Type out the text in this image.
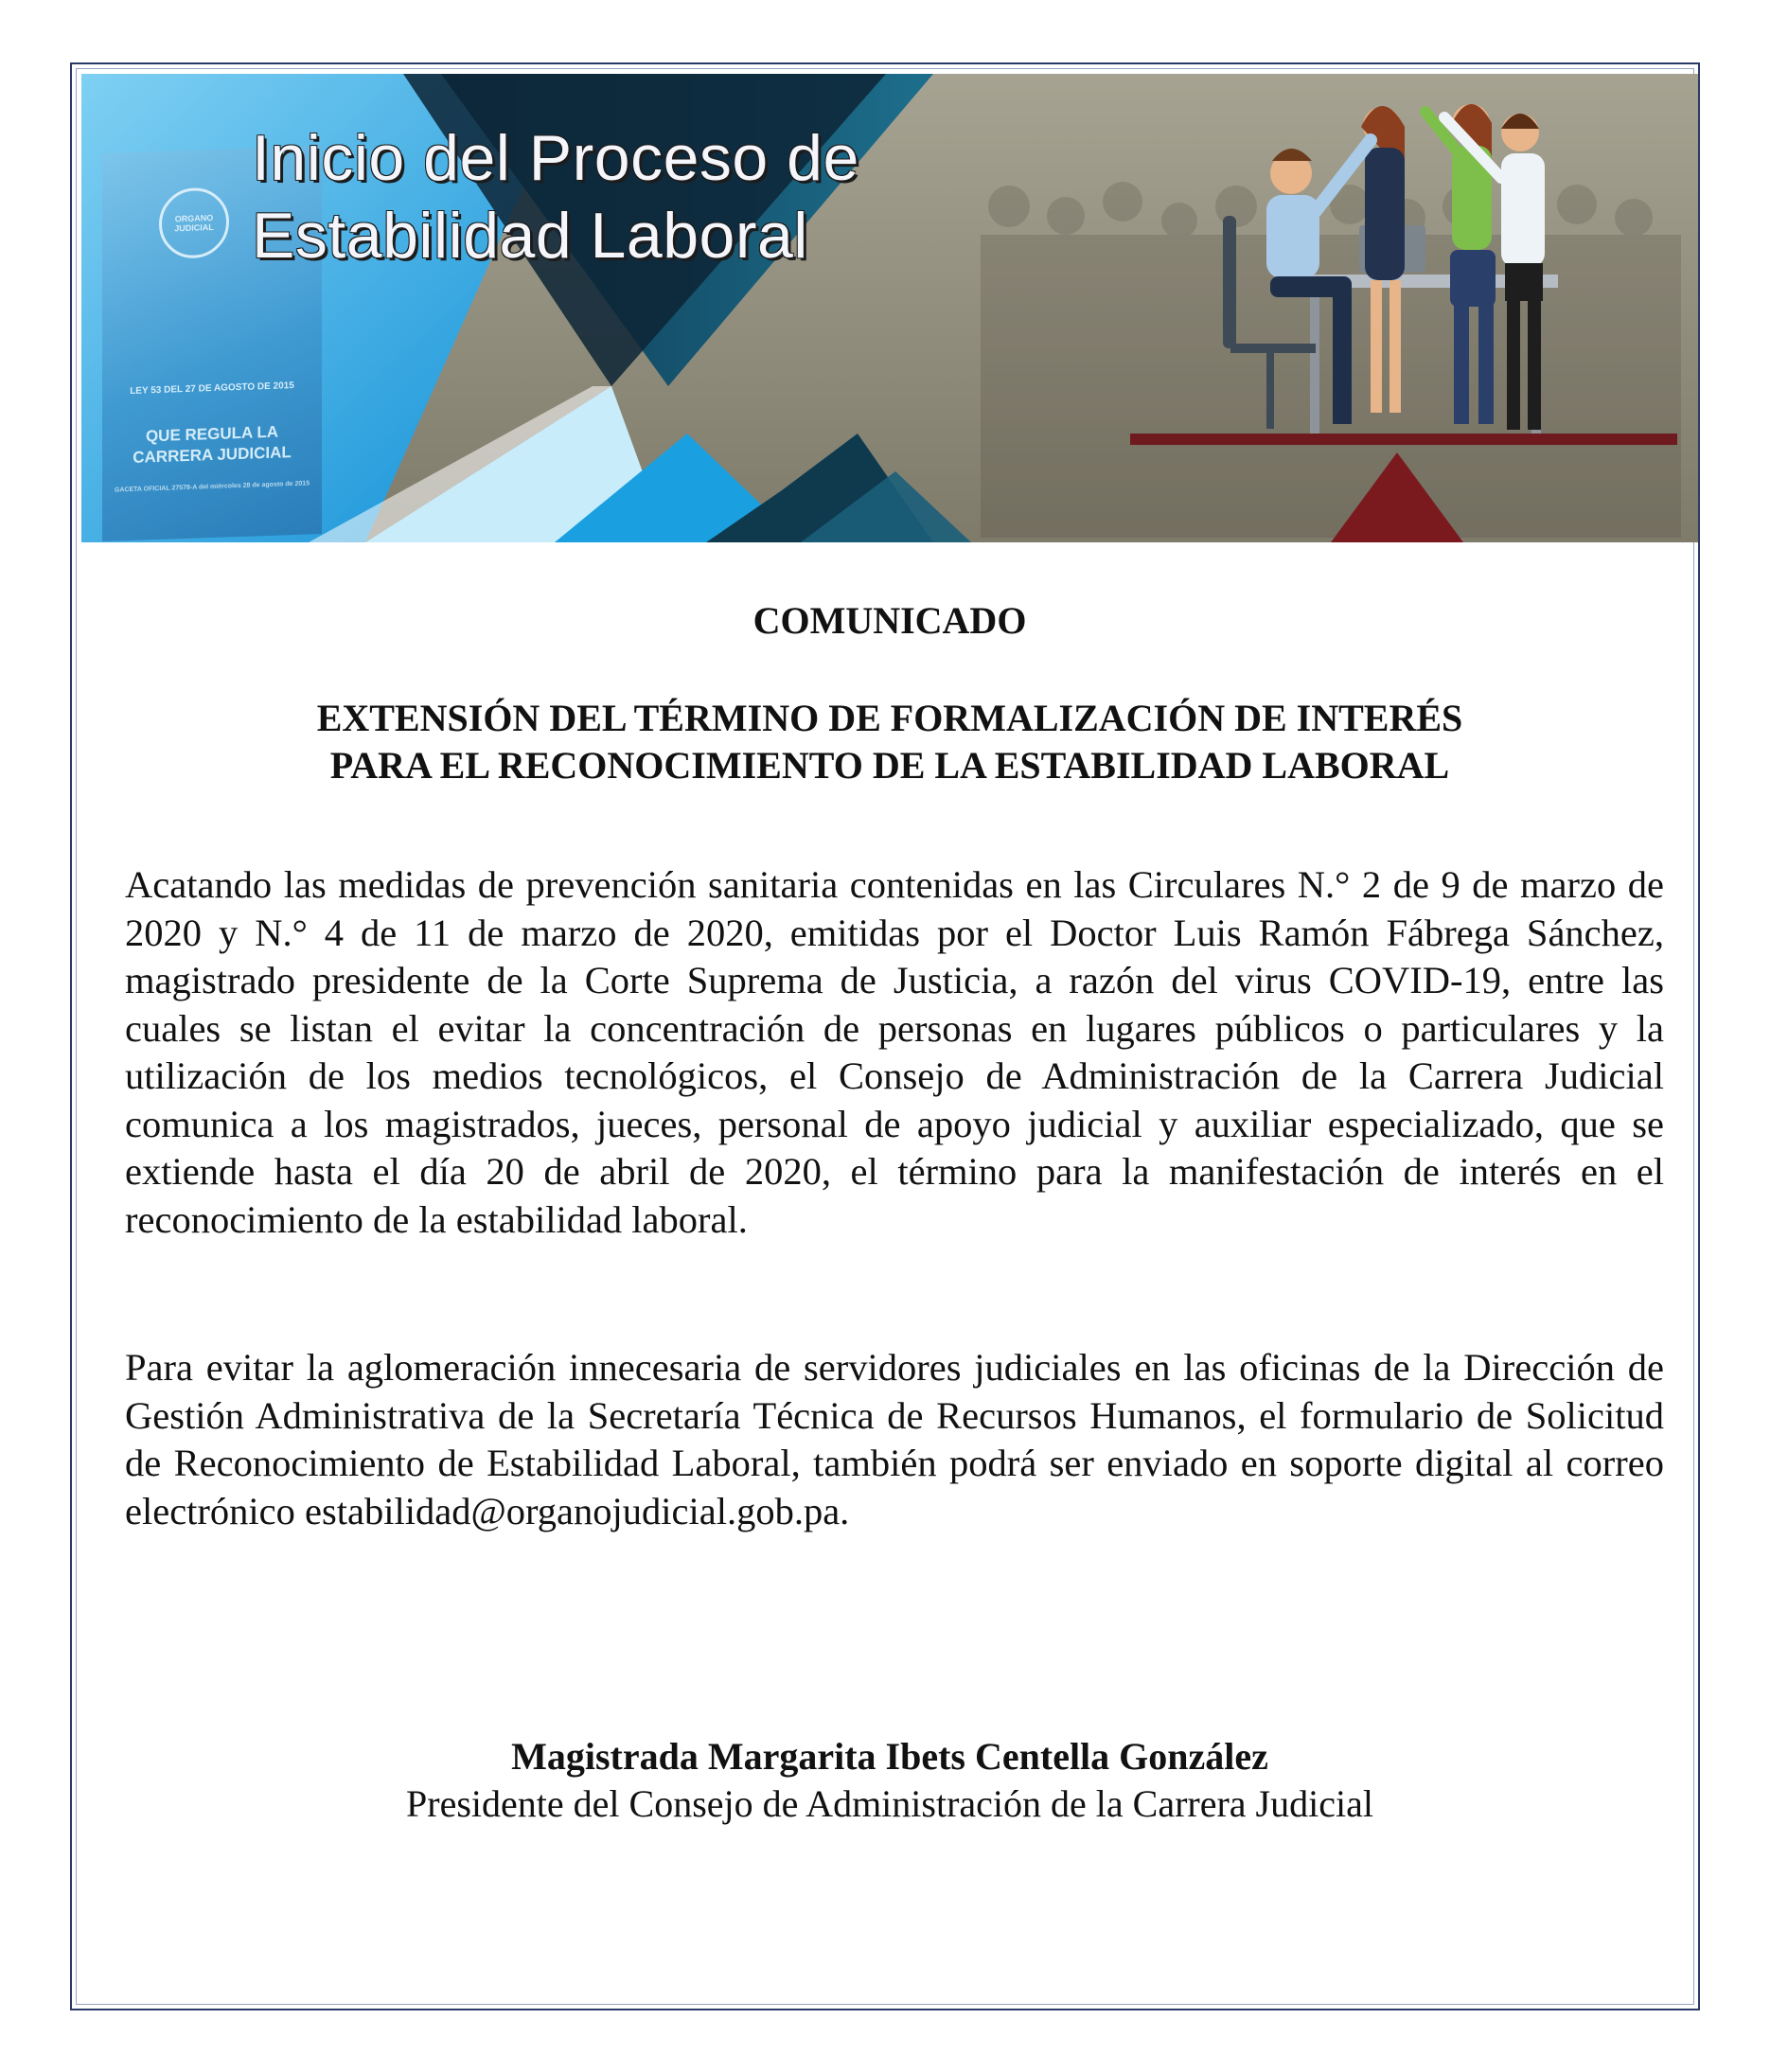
ORGANO JUDICIAL
LEY 53 DEL 27 DE AGOSTO DE 2015
QUE REGULA LA CARRERA JUDICIAL
GACETA OFICIAL 27578-A del miércoles 28 de agosto de 2015
Inicio del Proceso de
Estabilidad Laboral
COMUNICADO
EXTENSIÓN DEL TÉRMINO DE FORMALIZACIÓN DE INTERÉS
PARA EL RECONOCIMIENTO DE LA ESTABILIDAD LABORAL

Acatando las medidas de prevención sanitaria contenidas en las Circulares N.° 2 de 9 de marzo de 2020 y N.° 4 de 11 de marzo de 2020, emitidas por el Doctor Luis Ramón Fábrega Sánchez, magistrado presidente de la Corte Suprema de Justicia, a razón del virus COVID-19, entre las cuales se listan el evitar la concentración de personas en lugares públicos o particulares y la utilización de los medios tecnológicos, el Consejo de Administración de la Carrera Judicial comunica a los magistrados, jueces, personal de apoyo judicial y auxiliar especializado, que se extiende hasta el día 20 de abril de 2020, el término para la manifestación de interés en el reconocimiento de la estabilidad laboral.

Para evitar la aglomeración innecesaria de servidores judiciales en las oficinas de la Dirección de Gestión Administrativa de la Secretaría Técnica de Recursos Humanos, el formulario de Solicitud de Reconocimiento de Estabilidad Laboral, también podrá ser enviado en soporte digital al correo electrónico estabilidad@organojudicial.gob.pa.

Magistrada Margarita Ibets Centella González

Presidente del Consejo de Administración de la Carrera Judicial
